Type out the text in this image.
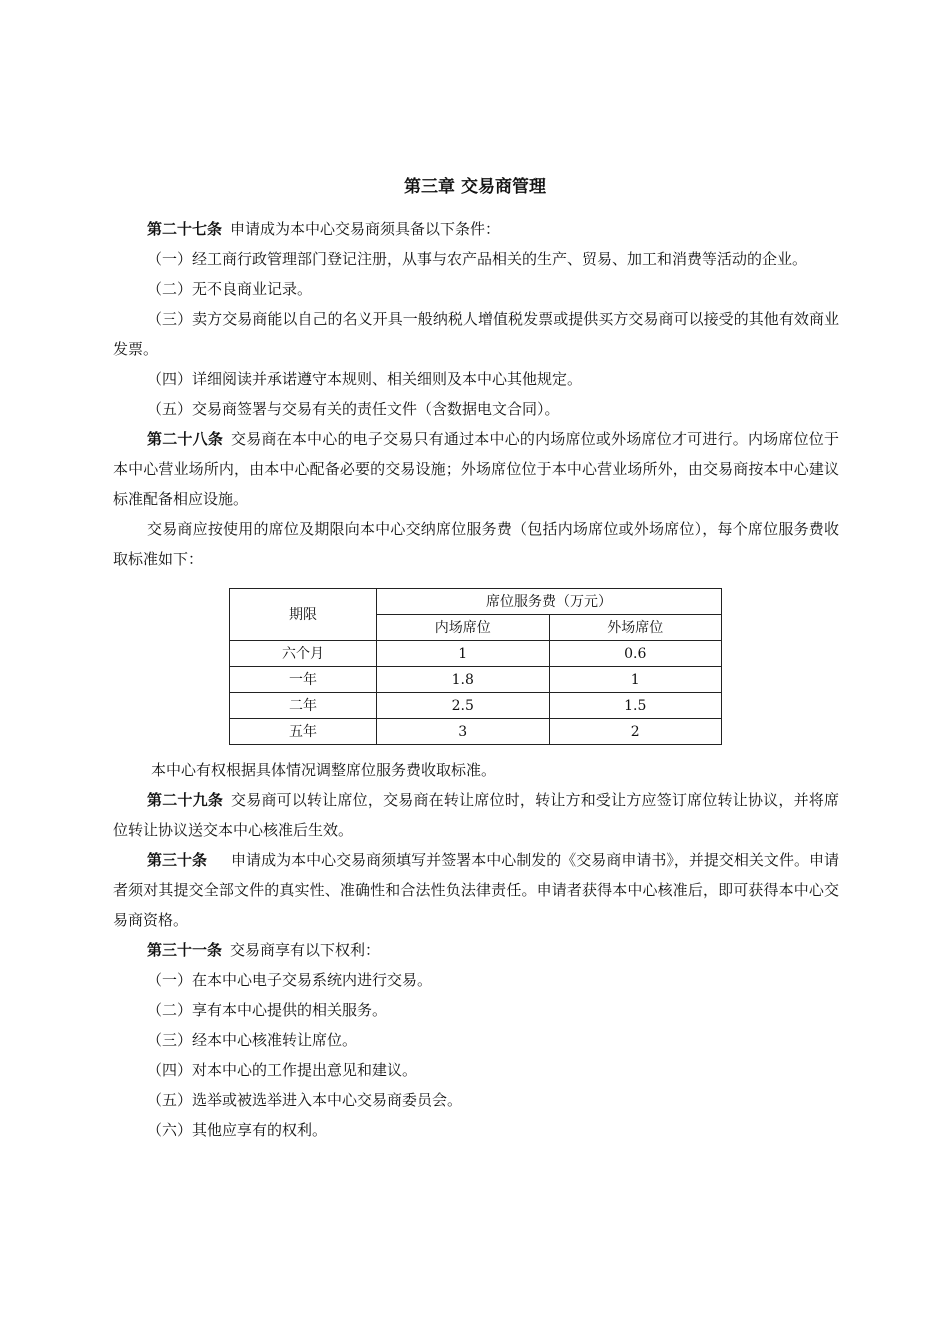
第三章 交易商管理

第二十七条 申请成为本中心交易商须具备以下条件：

（一）经工商行政管理部门登记注册，从事与农产品相关的生产、贸易、加工和消费等活动的企业。

（二）无不良商业记录。

（三）卖方交易商能以自己的名义开具一般纳税人增值税发票或提供买方交易商可以接受的其他有效商业发票。

（四）详细阅读并承诺遵守本规则、相关细则及本中心其他规定。

（五）交易商签署与交易有关的责任文件（含数据电文合同）。

第二十八条 交易商在本中心的电子交易只有通过本中心的内场席位或外场席位才可进行。内场席位位于本中心营业场所内，由本中心配备必要的交易设施；外场席位位于本中心营业场所外，由交易商按本中心建议标准配备相应设施。

交易商应按使用的席位及期限向本中心交纳席位服务费（包括内场席位或外场席位），每个席位服务费收取标准如下：

期限	席位服务费（万元）	
	内场席位	外场席位
六个月	1	0.6
一年	1.8	1
二年	2.5	1.5
五年	3	2

本中心有权根据具体情况调整席位服务费收取标准。

第二十九条 交易商可以转让席位，交易商在转让席位时，转让方和受让方应签订席位转让协议，并将席位转让协议送交本中心核准后生效。

第三十条 申请成为本中心交易商须填写并签署本中心制发的《交易商申请书》，并提交相关文件。申请者须对其提交全部文件的真实性、准确性和合法性负法律责任。申请者获得本中心核准后，即可获得本中心交易商资格。

第三十一条 交易商享有以下权利：

（一）在本中心电子交易系统内进行交易。

（二）享有本中心提供的相关服务。

（三）经本中心核准转让席位。

（四）对本中心的工作提出意见和建议。

（五）选举或被选举进入本中心交易商委员会。

（六）其他应享有的权利。
